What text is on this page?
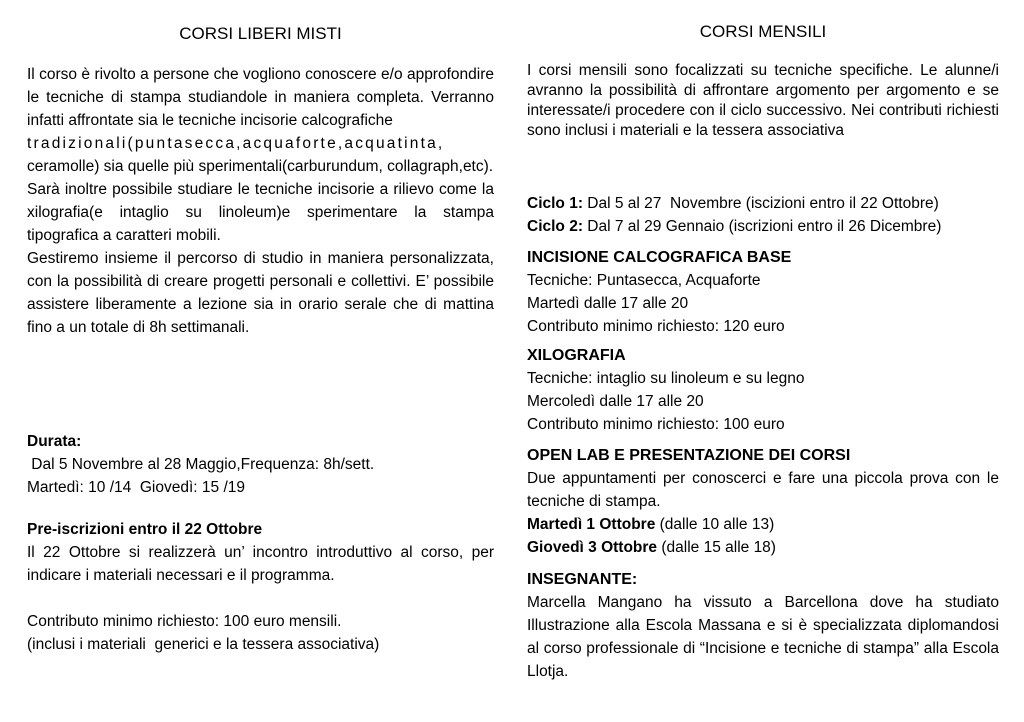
CORSI LIBERI MISTI

Il corso è rivolto a persone che vogliono conoscere e/o approfondire le tecniche di stampa studiandole in maniera completa. Verranno infatti affrontate sia le tecniche incisorie calcografiche

tradizionali(puntasecca,acquaforte,acquatinta,

ceramolle) sia quelle più sperimentali(carburundum, collagraph,etc).

Sarà inoltre possibile studiare le tecniche incisorie a rilievo come la xilografia(e intaglio su linoleum)e sperimentare la stampa tipografica a caratteri mobili.

Gestiremo insieme il percorso di studio in maniera personalizzata, con la possibilità di creare progetti personali e collettivi. E’ possibile assistere liberamente a lezione sia in orario serale che di mattina fino a un totale di 8h settimanali.

Durata:

Dal 5 Novembre al 28 Maggio,Frequenza: 8h/sett.

Martedì: 10 /14  Giovedì: 15 /19

Pre-iscrizioni entro il 22 Ottobre

Il 22 Ottobre si realizzerà un’ incontro introduttivo al corso, per indicare i materiali necessari e il programma.

Contributo minimo richiesto: 100 euro mensili.

(inclusi i materiali  generici e la tessera associativa)

CORSI MENSILI

I corsi mensili sono focalizzati su tecniche specifiche. Le alunne/i avranno la possibilità di affrontare argomento per argomento e se interessate/i procedere con il ciclo successivo. Nei contributi richiesti sono inclusi i materiali e la tessera associativa

Ciclo 1: Dal 5 al 27  Novembre (iscizioni entro il 22 Ottobre)

Ciclo 2: Dal 7 al 29 Gennaio (iscrizioni entro il 26 Dicembre)

INCISIONE CALCOGRAFICA BASE

Tecniche: Puntasecca, Acquaforte

Martedì dalle 17 alle 20

Contributo minimo richiesto: 120 euro

XILOGRAFIA

Tecniche: intaglio su linoleum e su legno

Mercoledì dalle 17 alle 20

Contributo minimo richiesto: 100 euro

OPEN LAB E PRESENTAZIONE DEI CORSI

Due appuntamenti per conoscerci e fare una piccola prova con le tecniche di stampa.

Martedì 1 Ottobre (dalle 10 alle 13)

Giovedì 3 Ottobre (dalle 15 alle 18)

INSEGNANTE:

Marcella Mangano ha vissuto a Barcellona dove ha studiato Illustrazione alla Escola Massana e si è specializzata diplomandosi al corso professionale di “Incisione e tecniche di stampa” alla Escola Llotja.
